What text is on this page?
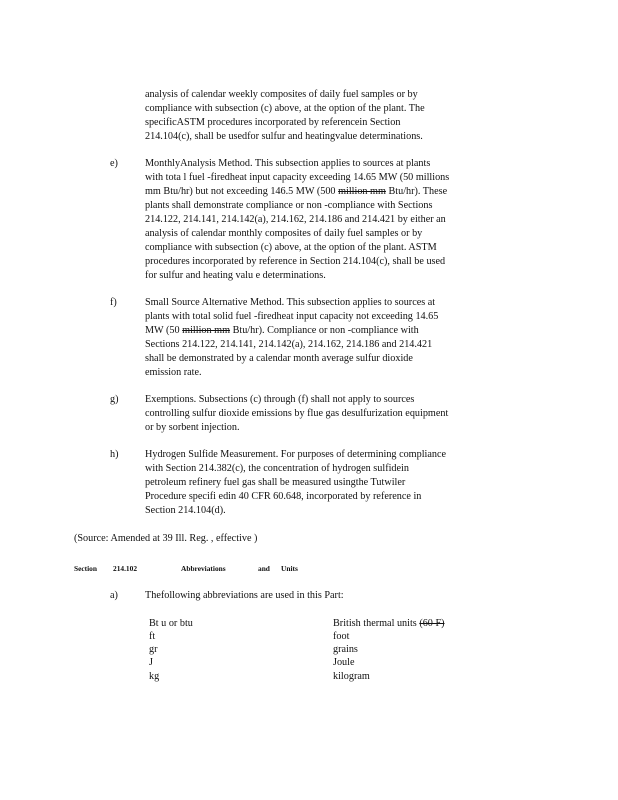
analysis of calendar weekly composites of daily fuel samples or by
compliance with subsection (c) above, at the option of the plant. The
specificASTM procedures incorporated by referencein Section
214.104(c), shall be usedfor sulfur and heatingvalue determinations.
e)	MonthlyAnalysis Method. This subsection applies to sources at plants
with tota l fuel -firedheat input capacity exceeding 14.65 MW (50 millions
mm Btu/hr) but not exceeding 146.5 MW (500 million mm Btu/hr). These
plants shall demonstrate compliance or non -compliance with Sections
214.122, 214.141, 214.142(a), 214.162, 214.186 and 214.421 by either an
analysis of calendar monthly composites of daily fuel samples or by
compliance with subsection (c) above, at the option of the plant. ASTM
procedures incorporated by reference in Section 214.104(c), shall be used
for sulfur and heating valu e determinations.
f)	Small Source Alternative Method. This subsection applies to sources at
plants with total solid fuel -firedheat input capacity not exceeding 14.65
MW (50 million mm Btu/hr). Compliance or non -compliance with
Sections 214.122, 214.141, 214.142(a), 214.162, 214.186 and 214.421
shall be demonstrated by a calendar month average sulfur dioxide
emission rate.
g)	Exemptions. Subsections (c) through (f) shall not apply to sources
controlling sulfur dioxide emissions by flue gas desulfurization equipment
or by sorbent injection.
h)	Hydrogen Sulfide Measurement. For purposes of determining compliance
with Section 214.382(c), the concentration of hydrogen sulfidein
petroleum refinery fuel gas shall be measured usingthe Tutwiler
Procedure specifi edin 40 CFR 60.648, incorporated by reference in
Section 214.104(d).
(Source: Amended at 39 Ill. Reg. , effective )
Section 214.102	Abbreviations	and Units
a)	Thefollowing abbreviations are used in this Part:
Bt u or btu	British thermal units (60 F)
ft	foot
gr	grains
J	Joule
kg	kilogram
